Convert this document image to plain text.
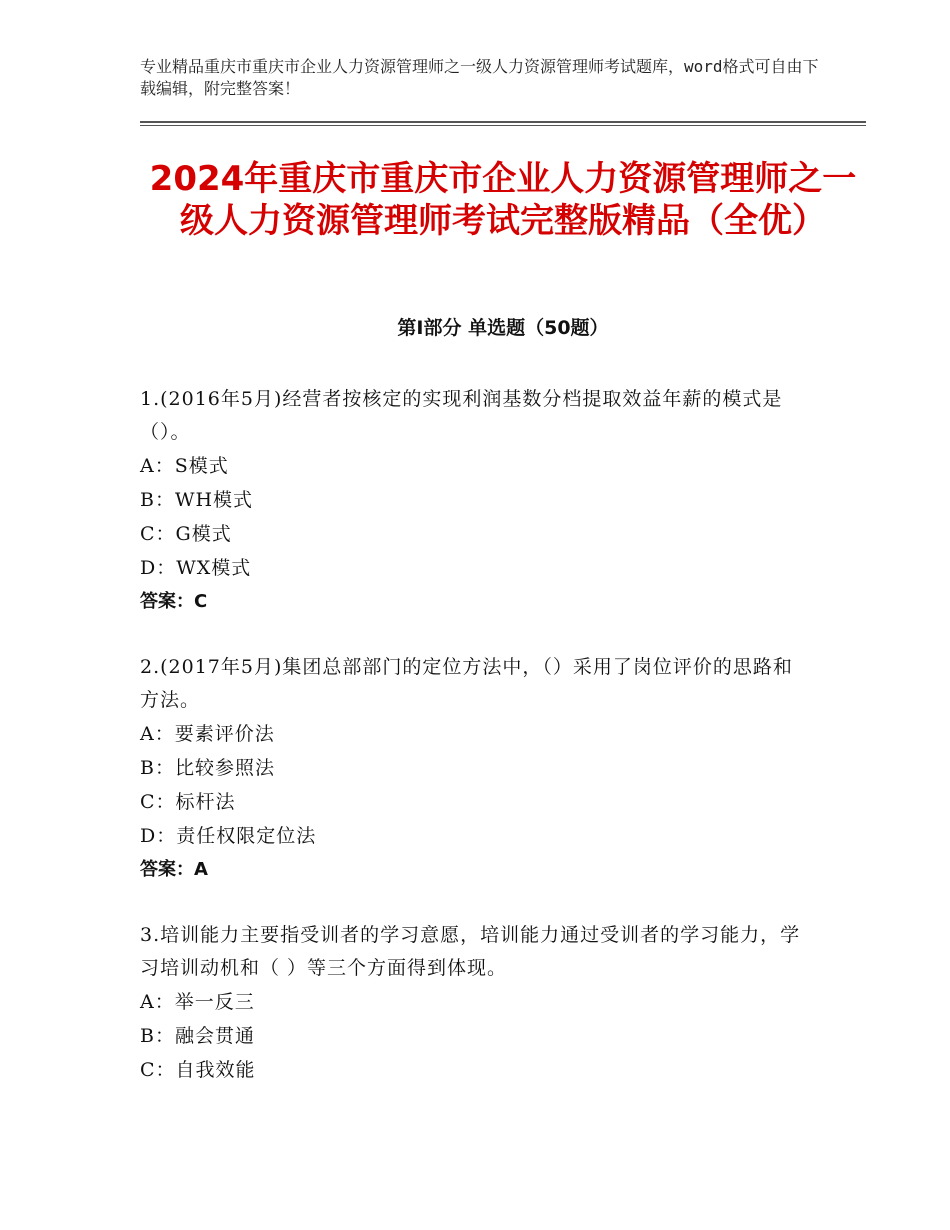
专业精品重庆市重庆市企业人力资源管理师之一级人力资源管理师考试题库，word格式可自由下载编辑，附完整答案！
2024年重庆市重庆市企业人力资源管理师之一级人力资源管理师考试完整版精品（全优）
第Ⅰ部分 单选题（50题）

1.(2016年5月)经营者按核定的实现利润基数分档提取效益年薪的模式是（）。

A：S模式
B：WH模式
C：G模式
D：WX模式
答案：C

2.(2017年5月)集团总部部门的定位方法中，（）采用了岗位评价的思路和方法。

A：要素评价法
B：比较参照法
C：标杆法
D：责任权限定位法
答案：A

3.培训能力主要指受训者的学习意愿，培训能力通过受训者的学习能力，学习培训动机和（ ）等三个方面得到体现。

A：举一反三
B：融会贯通
C：自我效能
